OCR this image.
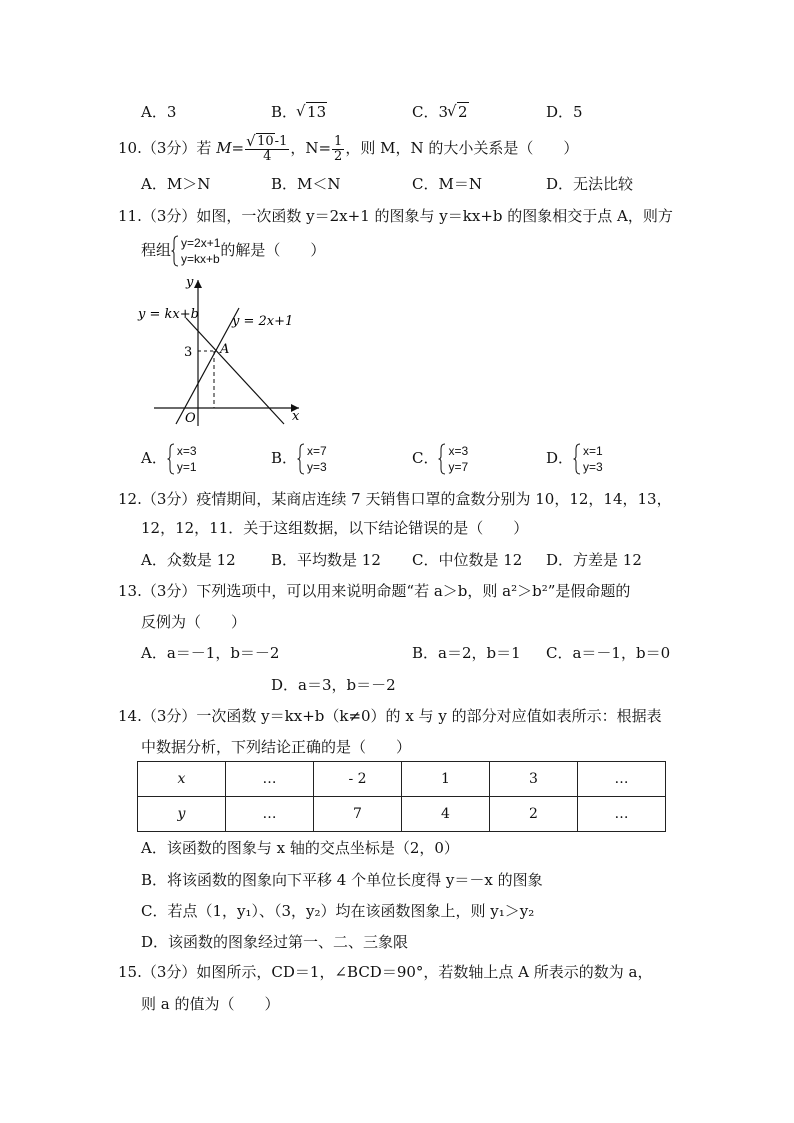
A．3	B． √ 13	C．3 √ 2	D．5
10.（3分）若 M= √ $\frac{10-1}{4}$ ，$N= \frac{1}{2}$ ，则 M，N 的大小关系是（　　）
A．M＞N	B．M＜N	C．M＝N	D．无法比较
11.（3分）如图，一次函数 y＝2x+1 的图象与 y＝kx+b 的图象相交于点 A，则方
程组 y=2x+1
y=kx+b 的解是（　　）
y = kx+b	y = 2x+1
y
x
O
3 A
A． x=3
y=1	B． x=7
y=3	C． x=3
y=7	D． x=1
y=3
12.（3分）疫情期间，某商店连续 7 天销售口罩的盒数分别为 10，12，14，13，
12，12，11．关于这组数据，以下结论错误的是（　　）
A．众数是 12 B．平均数是 12 C．中位数是 12 D．方差是 12
13.（3分）下列选项中，可以用来说明命题“若 a＞b，则 a²＞b²”是假命题的
反例为（　　）
A．a＝－1，b＝－2	B．a＝2，b＝1 C．a＝－1，b＝0
D．a＝3，b＝－2
14.（3分）一次函数 y＝kx+b（k≠0）的 x 与 y 的部分对应值如表所示：根据表
中数据分析，下列结论正确的是（　　）
x	…	- 2	1	3	…
y	…	7	4	2	…
A．该函数的图象与 x 轴的交点坐标是（2，0）
B．将该函数的图象向下平移 4 个单位长度得 y＝－x 的图象
C．若点（1，y₁）、（3，y₂）均在该函数图象上，则 y₁＞y₂
D．该函数的图象经过第一、二、三象限
15.（3分）如图所示，CD＝1，∠BCD＝90°，若数轴上点 A 所表示的数为 a，
则 a 的值为（　　）
